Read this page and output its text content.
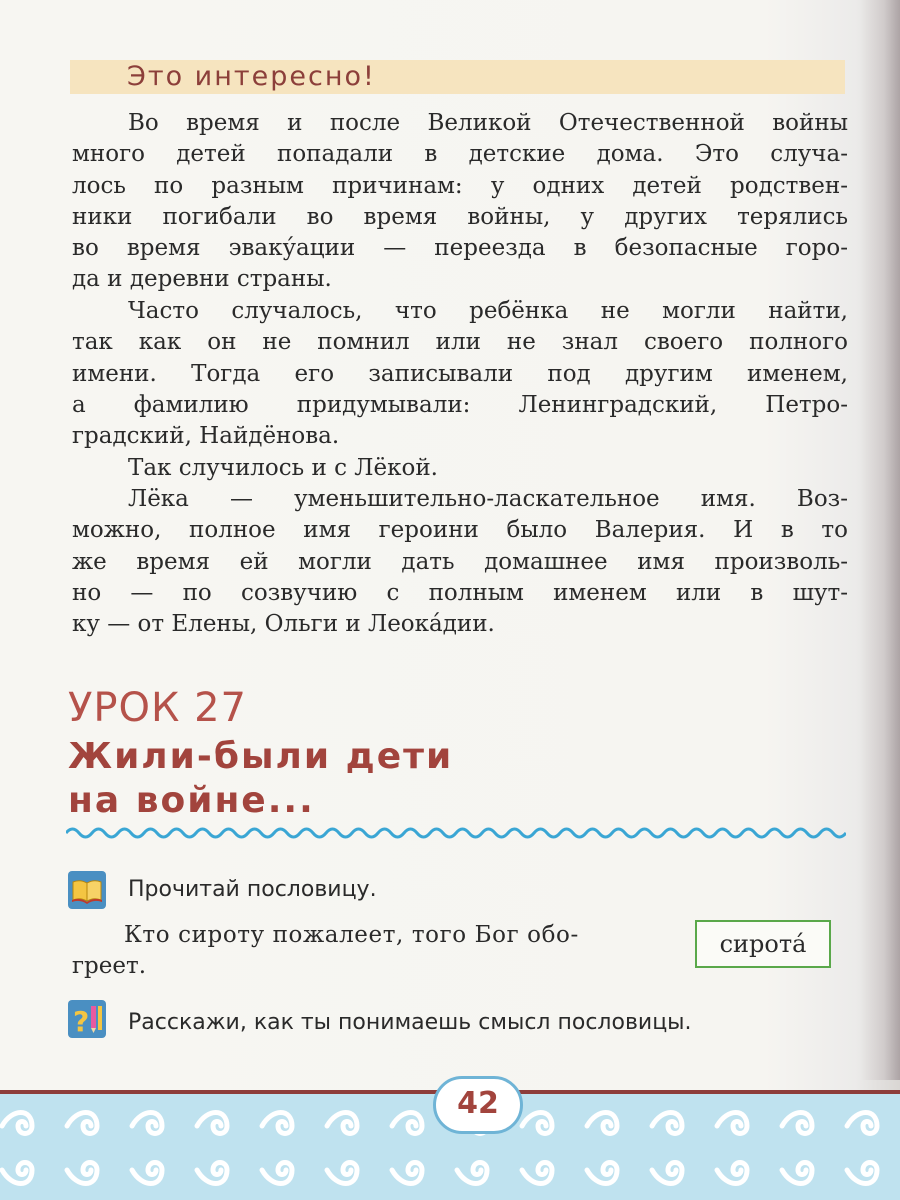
Это интересно!
Во время и после Великой Отечественной войны
много детей попадали в детские дома. Это случа-
лось по разным причинам: у одних детей родствен-
ники погибали во время войны, у других терялись
во время эваку́ации — переезда в безопасные горо-
да и деревни страны.
Часто случалось, что ребёнка не могли найти,
так как он не помнил или не знал своего полного
имени. Тогда его записывали под другим именем,
а фамилию придумывали: Ленинградский, Петро-
градский, Найдёнова.
Так случилось и с Лёкой.
Лёка — уменьшительно-ласкательное имя. Воз-
можно, полное имя героини было Валерия. И в то
же время ей могли дать домашнее имя произволь-
но — по созвучию с полным именем или в шут-
ку — от Елены, Ольги и Леока́дии.
УРОК 27
Жили-были дети
на войне...
Прочитай пословицу.
Кто сироту пожалеет, того Бог обо-
греет.
сирота́
? Расскажи, как ты понимаешь смысл пословицы.
42
